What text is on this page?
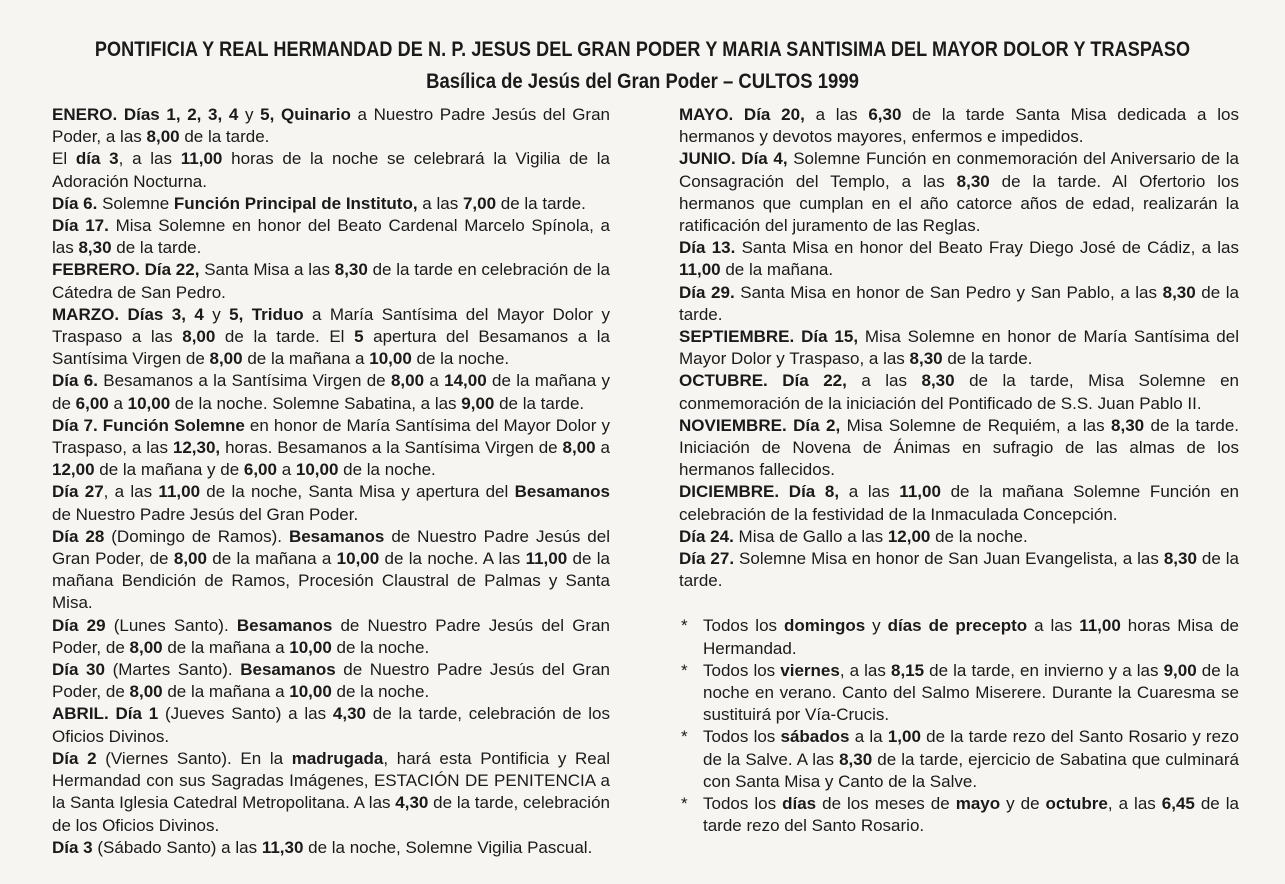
PONTIFICIA Y REAL HERMANDAD DE N. P. JESUS DEL GRAN PODER Y MARIA SANTISIMA DEL MAYOR DOLOR Y TRASPASO
Basílica de Jesús del Gran Poder – CULTOS 1999

ENERO. Días 1, 2, 3, 4 y 5, Quinario a Nuestro Padre Jesús del Gran Poder, a las 8,00 de la tarde.

El día 3, a las 11,00 horas de la noche se celebrará la Vigilia de la Adoración Nocturna.

Día 6. Solemne Función Principal de Instituto, a las 7,00 de la tarde.

Día 17. Misa Solemne en honor del Beato Cardenal Marcelo Spínola, a las 8,30 de la tarde.

FEBRERO. Día 22, Santa Misa a las 8,30 de la tarde en celebración de la Cátedra de San Pedro.

MARZO. Días 3, 4 y 5, Triduo a María Santísima del Mayor Dolor y Traspaso a las 8,00 de la tarde. El 5 apertura del Besamanos a la Santísima Virgen de 8,00 de la mañana a 10,00 de la noche.

Día 6. Besamanos a la Santísima Virgen de 8,00 a 14,00 de la mañana y de 6,00 a 10,00 de la noche. Solemne Sabatina, a las 9,00 de la tarde.

Día 7. Función Solemne en honor de María Santísima del Mayor Dolor y Traspaso, a las 12,30, horas. Besamanos a la Santísima Virgen de 8,00 a 12,00 de la mañana y de 6,00 a 10,00 de la noche.

Día 27, a las 11,00 de la noche, Santa Misa y apertura del Besamanos de Nuestro Padre Jesús del Gran Poder.

Día 28 (Domingo de Ramos). Besamanos de Nuestro Padre Jesús del Gran Poder, de 8,00 de la mañana a 10,00 de la noche. A las 11,00 de la mañana Bendición de Ramos, Procesión Claustral de Palmas y Santa Misa.

Día 29 (Lunes Santo). Besamanos de Nuestro Padre Jesús del Gran Poder, de 8,00 de la mañana a 10,00 de la noche.

Día 30 (Martes Santo). Besamanos de Nuestro Padre Jesús del Gran Poder, de 8,00 de la mañana a 10,00 de la noche.

ABRIL. Día 1 (Jueves Santo) a las 4,30 de la tarde, celebración de los Oficios Divinos.

Día 2 (Viernes Santo). En la madrugada, hará esta Pontificia y Real Hermandad con sus Sagradas Imágenes, ESTACIÓN DE PENITENCIA a la Santa Iglesia Catedral Metropolitana. A las 4,30 de la tarde, celebración de los Oficios Divinos.

Día 3 (Sábado Santo) a las 11,30 de la noche, Solemne Vigilia Pascual.

MAYO. Día 20, a las 6,30 de la tarde Santa Misa dedicada a los hermanos y devotos mayores, enfermos e impedidos.

JUNIO. Día 4, Solemne Función en conmemoración del Aniversario de la Consagración del Templo, a las 8,30 de la tarde. Al Ofertorio los hermanos que cumplan en el año catorce años de edad, realizarán la ratificación del juramento de las Reglas.

Día 13. Santa Misa en honor del Beato Fray Diego José de Cádiz, a las 11,00 de la mañana.

Día 29. Santa Misa en honor de San Pedro y San Pablo, a las 8,30 de la tarde.

SEPTIEMBRE. Día 15, Misa Solemne en honor de María Santísima del Mayor Dolor y Traspaso, a las 8,30 de la tarde.

OCTUBRE. Día 22, a las 8,30 de la tarde, Misa Solemne en conmemoración de la iniciación del Pontificado de S.S. Juan Pablo II.

NOVIEMBRE. Día 2, Misa Solemne de Requiém, a las 8,30 de la tarde. Iniciación de Novena de Ánimas en sufragio de las almas de los hermanos fallecidos.

DICIEMBRE. Día 8, a las 11,00 de la mañana Solemne Función en celebración de la festividad de la Inmaculada Concepción.

Día 24. Misa de Gallo a las 12,00 de la noche.

Día 27. Solemne Misa en honor de San Juan Evangelista, a las 8,30 de la tarde.

* Todos los domingos y días de precepto a las 11,00 horas Misa de Hermandad.

* Todos los viernes, a las 8,15 de la tarde, en invierno y a las 9,00 de la noche en verano. Canto del Salmo Miserere. Durante la Cuaresma se sustituirá por Vía-Crucis.

* Todos los sábados a la 1,00 de la tarde rezo del Santo Rosario y rezo de la Salve. A las 8,30 de la tarde, ejercicio de Sabatina que culminará con Santa Misa y Canto de la Salve.

* Todos los días de los meses de mayo y de octubre, a las 6,45 de la tarde rezo del Santo Rosario.
